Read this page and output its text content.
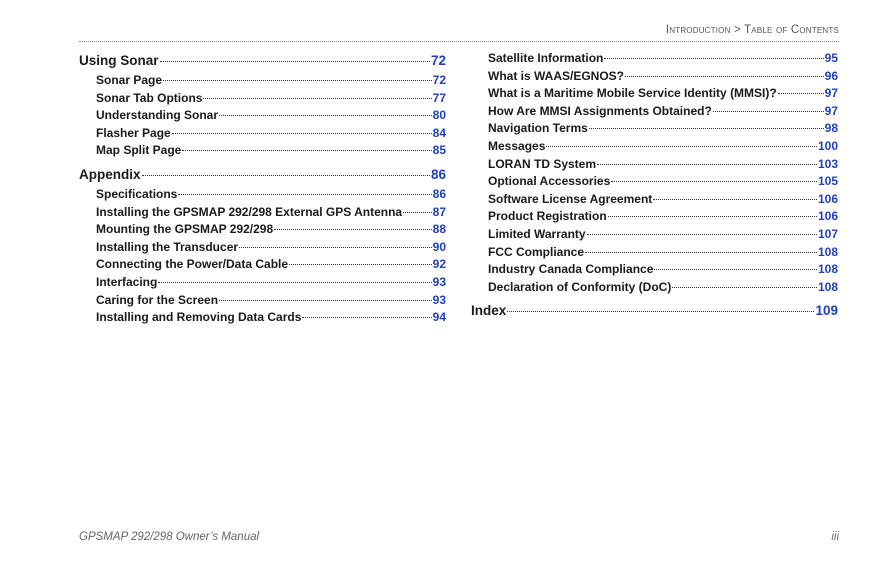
Introduction > Table of Contents
Using Sonar	72
Sonar Page	72
Sonar Tab Options	77
Understanding Sonar	80
Flasher Page	84
Map Split Page	85
Appendix	86
Specifications	86
Installing the GPSMAP 292/298 External GPS Antenna	87
Mounting the GPSMAP 292/298	88
Installing the Transducer	90
Connecting the Power/Data Cable	92
Interfacing	93
Caring for the Screen	93
Installing and Removing Data Cards	94
Satellite Information	95
What is WAAS/EGNOS?	96
What is a Maritime Mobile Service Identity (MMSI)?	97
How Are MMSI Assignments Obtained?	97
Navigation Terms	98
Messages	100
LORAN TD System	103
Optional Accessories	105
Software License Agreement	106
Product Registration	106
Limited Warranty	107
FCC Compliance	108
Industry Canada Compliance	108
Declaration of Conformity (DoC)	108
Index	109
GPSMAP 292/298 Owner’s Manual	iii
